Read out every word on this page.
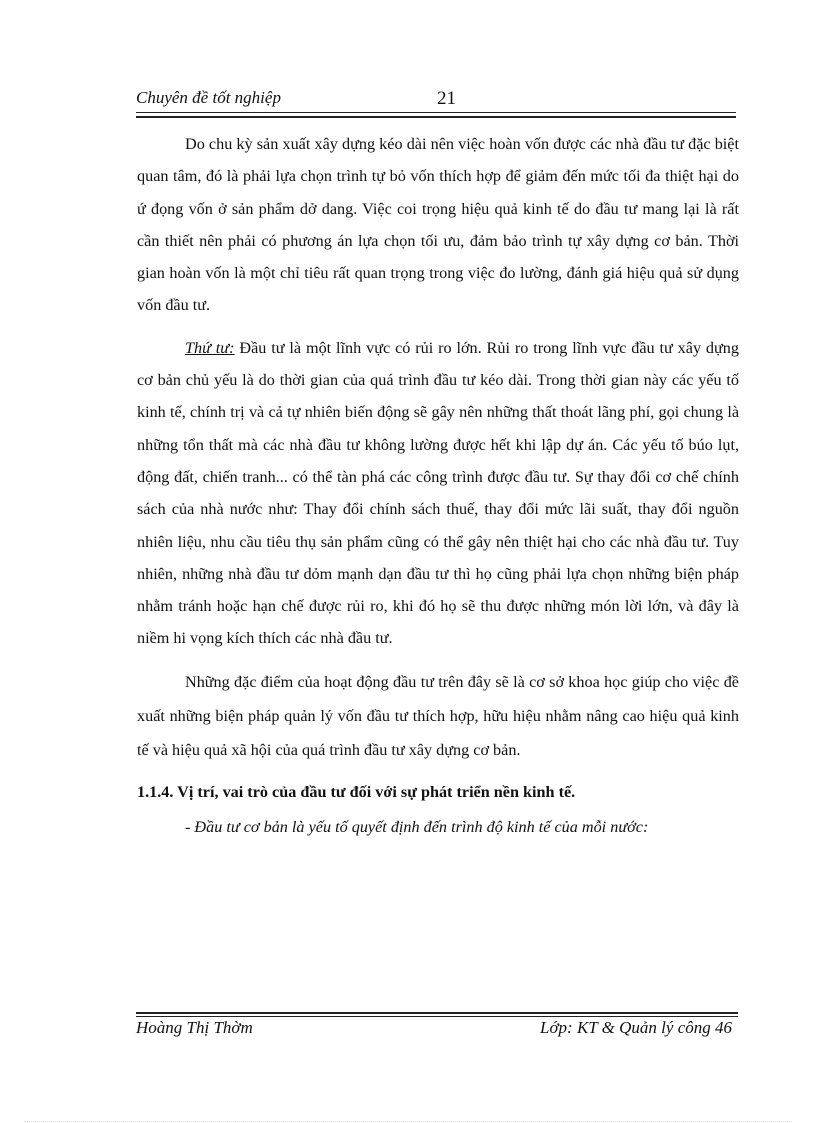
Chuyên đề tốt nghiệp	21

Do chu kỳ sản xuất xây dựng kéo dài nên việc hoàn vốn được các nhà đầu tư đặc biệt quan tâm, đó là phải lựa chọn trình tự bỏ vốn thích hợp để giảm đến mức tối đa thiệt hại do ứ đọng vốn ở sản phẩm dở dang. Việc coi trọng hiệu quả kinh tế do đầu tư mang lại là rất cần thiết nên phải có phương án lựa chọn tối ưu, đảm bảo trình tự xây dựng cơ bản. Thời gian hoàn vốn là một chỉ tiêu rất quan trọng trong việc đo lường, đánh giá hiệu quả sử dụng vốn đầu tư.

Thứ tư: Đầu tư là một lĩnh vực có rủi ro lớn. Rủi ro trong lĩnh vực đầu tư xây dựng cơ bản chủ yếu là do thời gian của quá trình đầu tư kéo dài. Trong thời gian này các yếu tố kinh tế, chính trị và cả tự nhiên biến động sẽ gây nên những thất thoát lãng phí, gọi chung là những tổn thất mà các nhà đầu tư không lường được hết khi lập dự án. Các yếu tố búo lụt, động đất, chiến tranh... có thể tàn phá các công trình được đầu tư. Sự thay đổi cơ chế chính sách của nhà nước như: Thay đổi chính sách thuế, thay đổi mức lãi suất, thay đổi nguồn nhiên liệu, nhu cầu tiêu thụ sản phẩm cũng có thể gây nên thiệt hại cho các nhà đầu tư. Tuy nhiên, những nhà đầu tư dỏm mạnh dạn đầu tư thì họ cũng phải lựa chọn những biện pháp nhằm tránh hoặc hạn chế được rủi ro, khi đó họ sẽ thu được những món lời lớn, và đây là niềm hi vọng kích thích các nhà đầu tư.

Những đặc điểm của hoạt động đầu tư trên đây sẽ là cơ sở khoa học giúp cho việc đề xuất những biện pháp quản lý vốn đầu tư thích hợp, hữu hiệu nhằm nâng cao hiệu quả kinh tế và hiệu quả xã hội của quá trình đầu tư xây dựng cơ bản.

1.1.4. Vị trí, vai trò của đầu tư đối với sự phát triển nền kinh tế.

- Đầu tư cơ bản là yếu tố quyết định đến trình độ kinh tế của mỗi nước:

Hoàng Thị Thờm	Lớp: KT & Quản lý công 46
